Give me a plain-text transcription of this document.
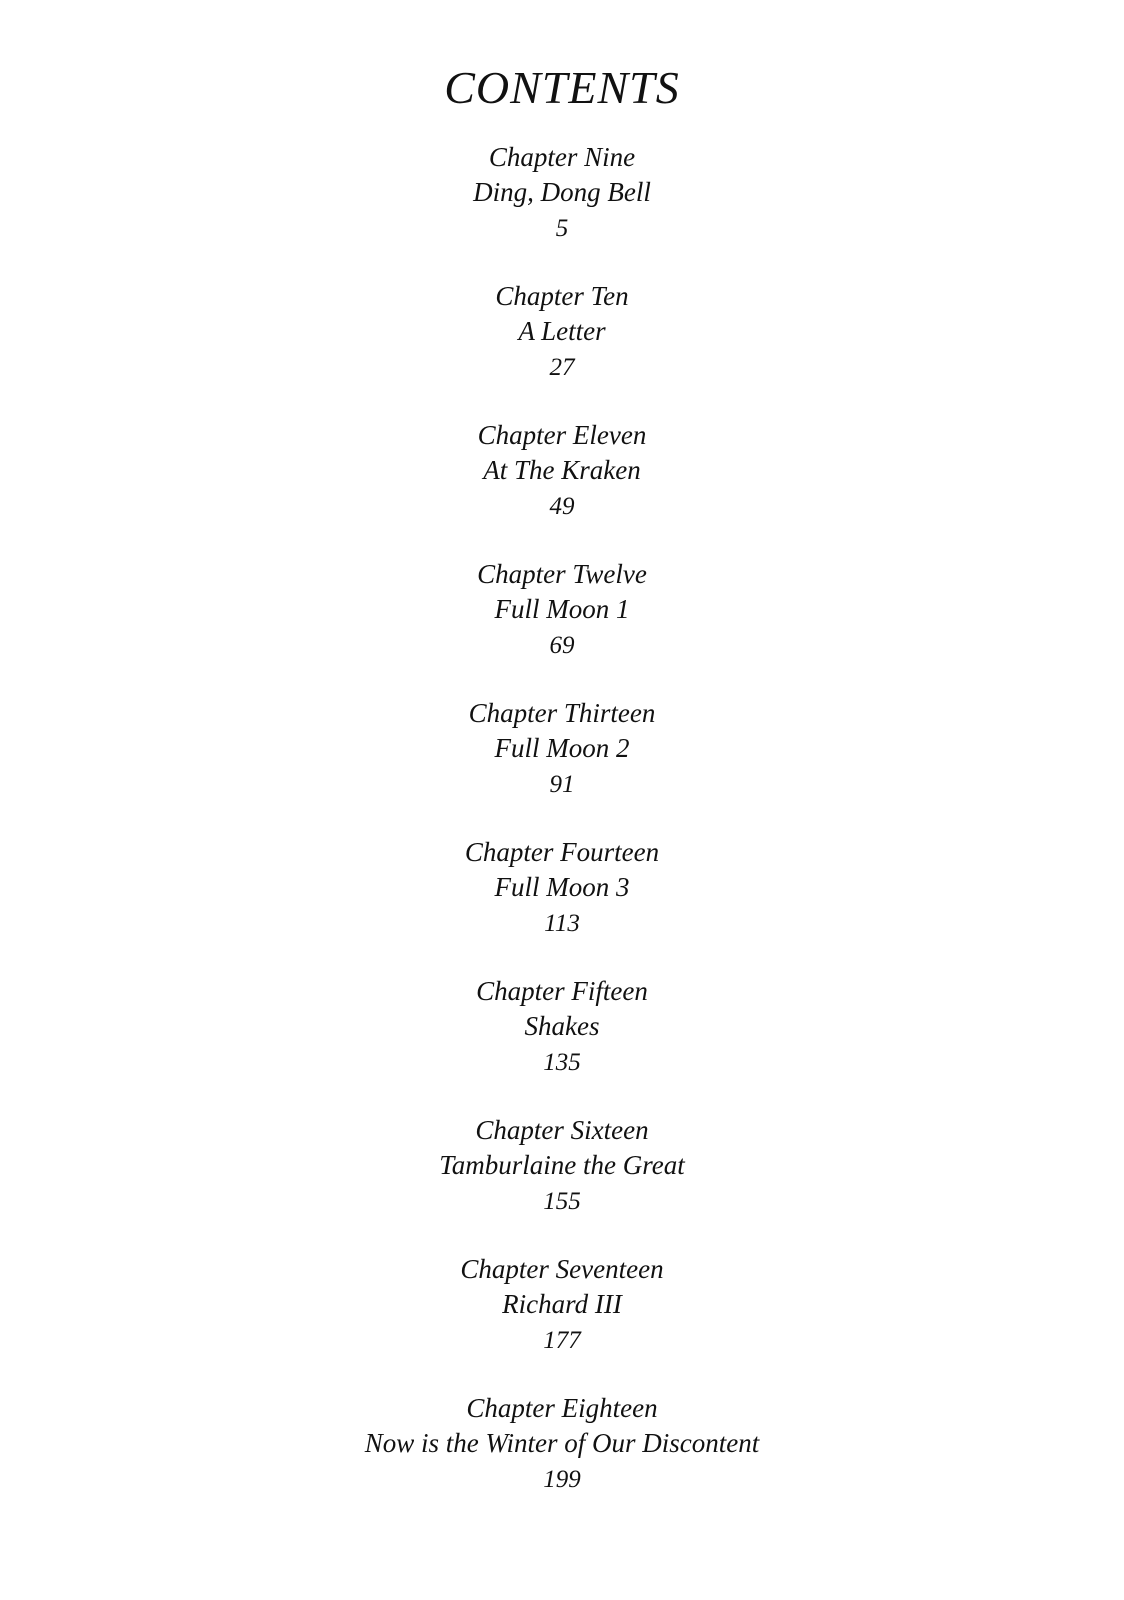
CONTENTS
Chapter Nine
Ding, Dong Bell
5
Chapter Ten
A Letter
27
Chapter Eleven
At The Kraken
49
Chapter Twelve
Full Moon 1
69
Chapter Thirteen
Full Moon 2
91
Chapter Fourteen
Full Moon 3
113
Chapter Fifteen
Shakes
135
Chapter Sixteen
Tamburlaine the Great
155
Chapter Seventeen
Richard III
177
Chapter Eighteen
Now is the Winter of Our Discontent
199
